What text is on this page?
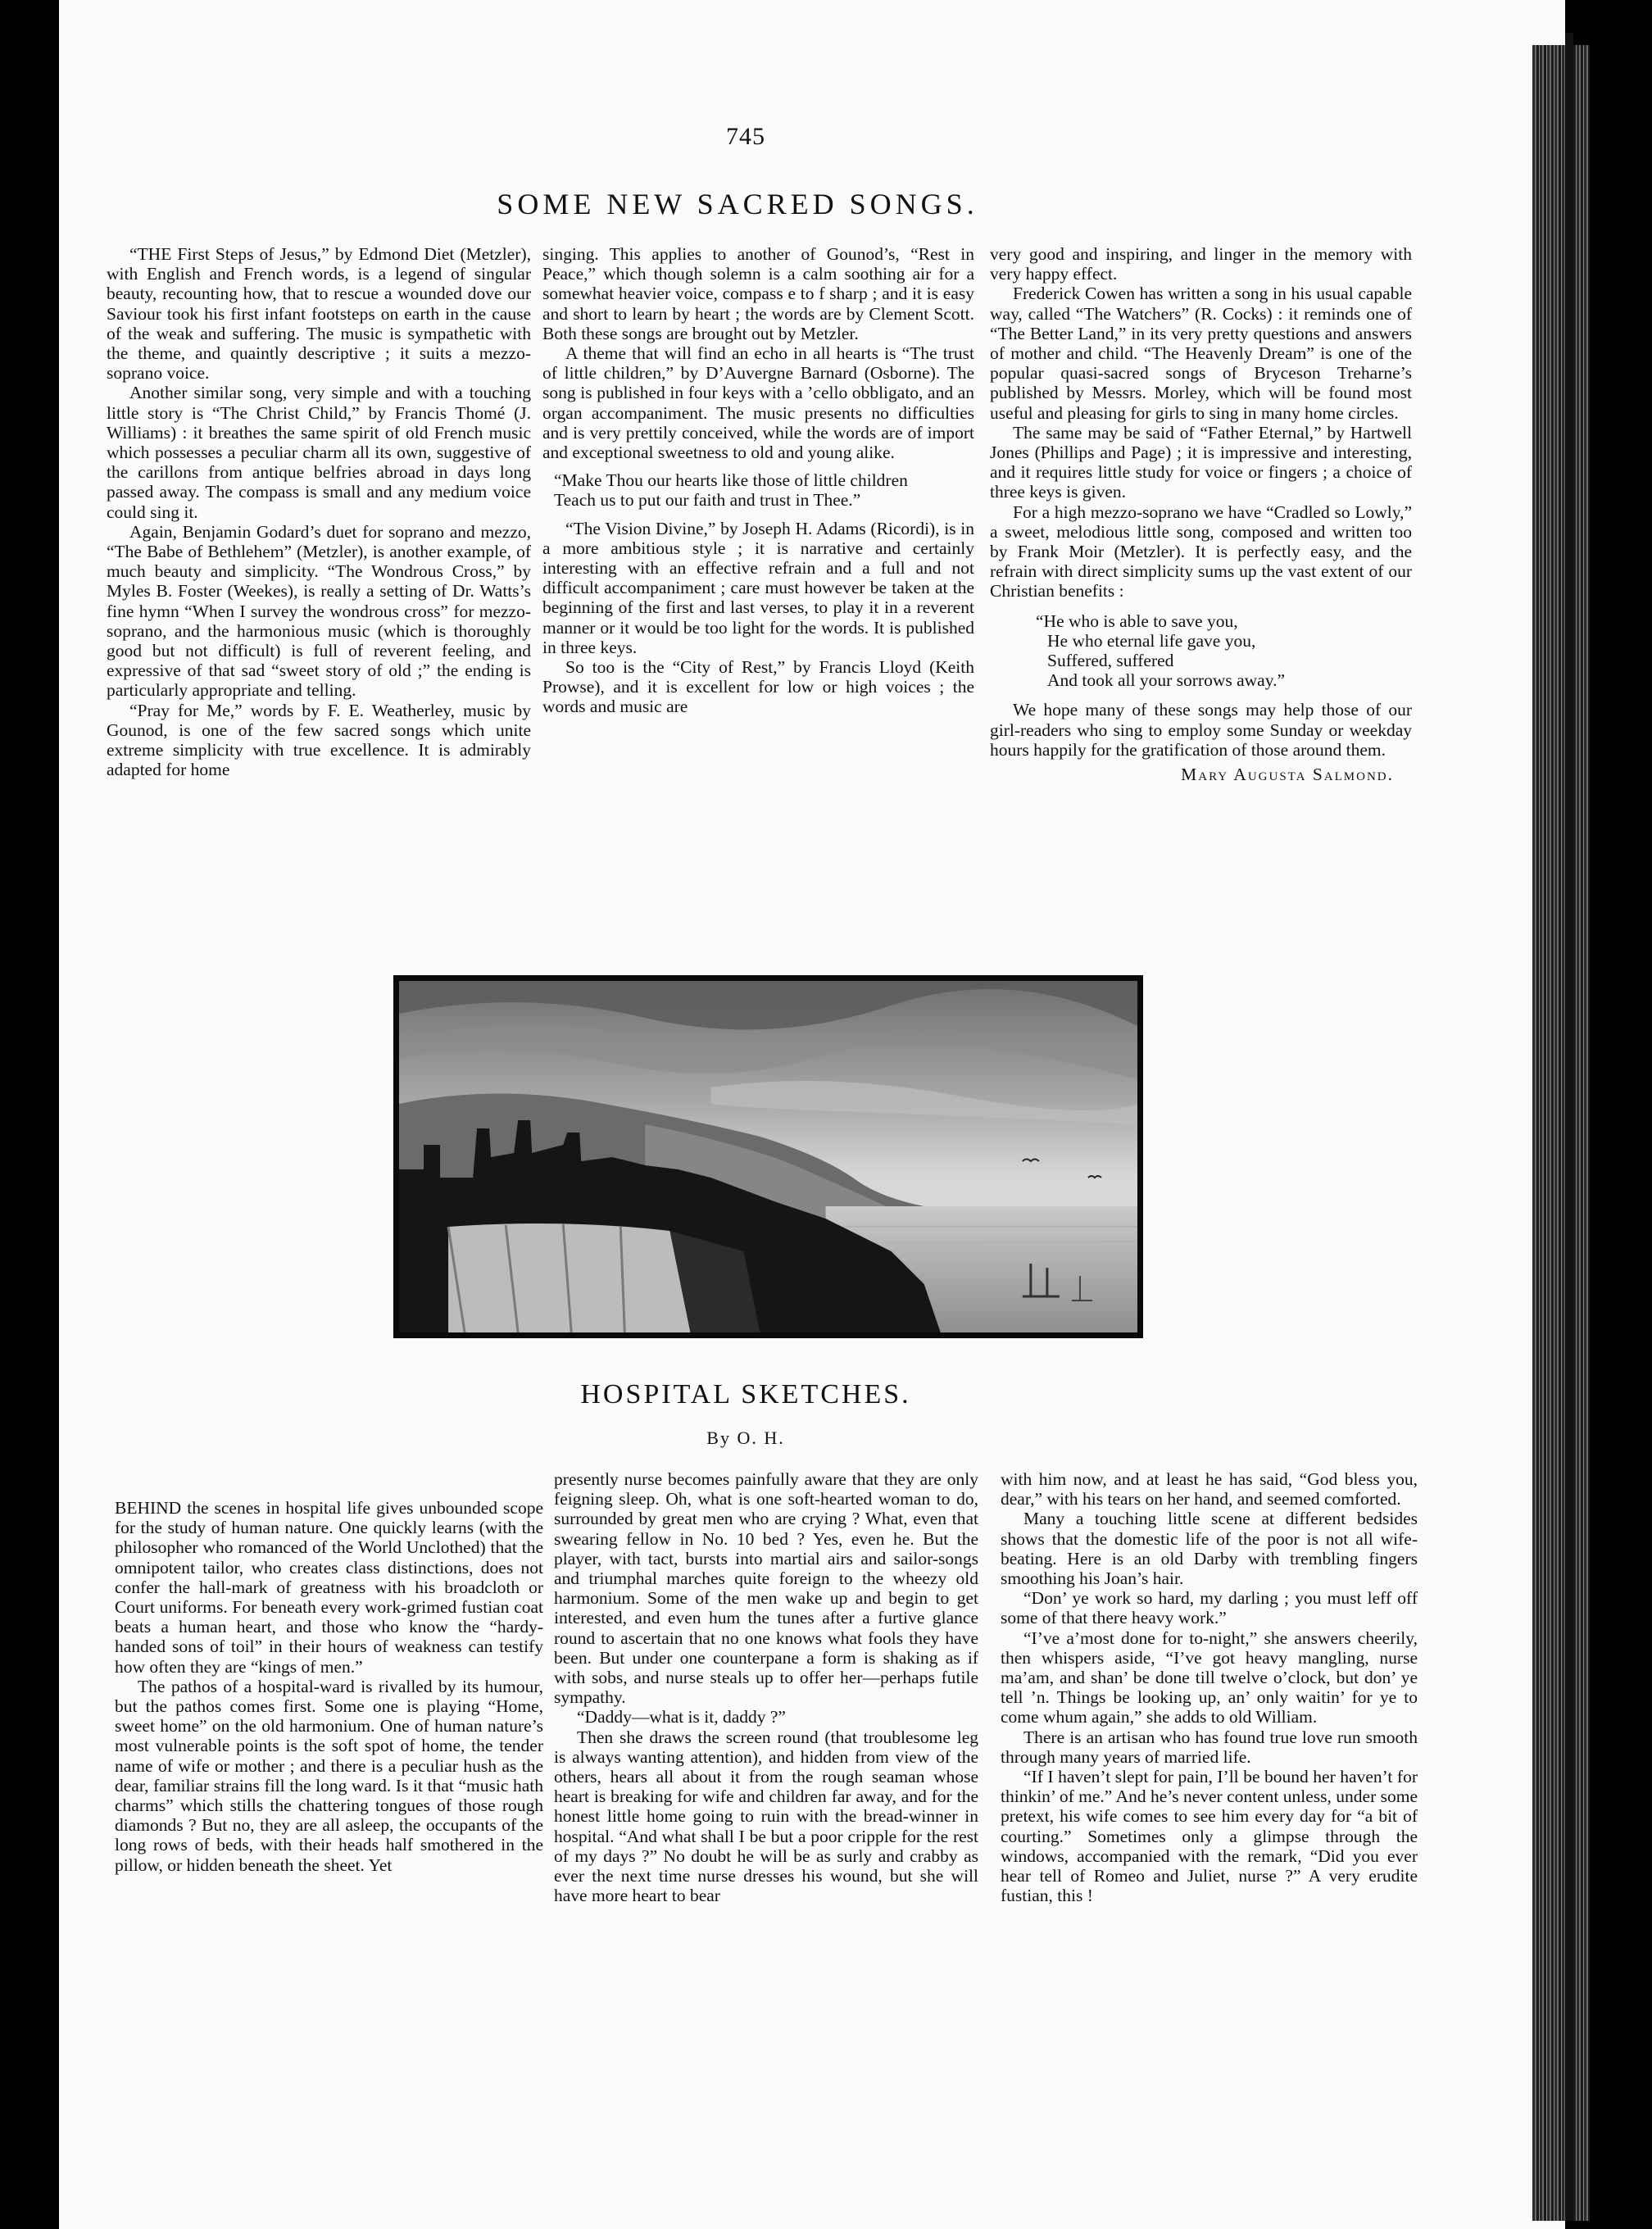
745
SOME NEW SACRED SONGS.

“THE First Steps of Jesus,” by Edmond Diet (Metzler), with English and French words, is a legend of singular beauty, recounting how, that to rescue a wounded dove our Saviour took his first infant footsteps on earth in the cause of the weak and suffering. The music is sympathetic with the theme, and quaintly descriptive ; it suits a mezzo-soprano voice.

Another similar song, very simple and with a touching little story is “The Christ Child,” by Francis Thomé (J. Williams) : it breathes the same spirit of old French music which possesses a peculiar charm all its own, suggestive of the carillons from antique belfries abroad in days long passed away. The compass is small and any medium voice could sing it.

Again, Benjamin Godard’s duet for soprano and mezzo, “The Babe of Bethlehem” (Metzler), is another example, of much beauty and simplicity. “The Wondrous Cross,” by Myles B. Foster (Weekes), is really a setting of Dr. Watts’s fine hymn “When I survey the wondrous cross” for mezzo-soprano, and the harmonious music (which is thoroughly good but not difficult) is full of reverent feeling, and expressive of that sad “sweet story of old ;” the ending is particularly appropriate and telling.

“Pray for Me,” words by F. E. Weatherley, music by Gounod, is one of the few sacred songs which unite extreme simplicity with true excellence. It is admirably adapted for home

singing. This applies to another of Gounod’s, “Rest in Peace,” which though solemn is a calm soothing air for a somewhat heavier voice, compass e to f sharp ; and it is easy and short to learn by heart ; the words are by Clement Scott. Both these songs are brought out by Metzler.

A theme that will find an echo in all hearts is “The trust of little children,” by D’Auvergne Barnard (Osborne). The song is published in four keys with a ’cello obbligato, and an organ accompaniment. The music presents no difficulties and is very prettily conceived, while the words are of import and exceptional sweetness to old and young alike.

“Make Thou our hearts like those of little children

Teach us to put our faith and trust in Thee.”

“The Vision Divine,” by Joseph H. Adams (Ricordi), is in a more ambitious style ; it is narrative and certainly interesting with an effective refrain and a full and not difficult accompaniment ; care must however be taken at the beginning of the first and last verses, to play it in a reverent manner or it would be too light for the words. It is published in three keys.

So too is the “City of Rest,” by Francis Lloyd (Keith Prowse), and it is excellent for low or high voices ; the words and music are

very good and inspiring, and linger in the memory with very happy effect.

Frederick Cowen has written a song in his usual capable way, called “The Watchers” (R. Cocks) : it reminds one of “The Better Land,” in its very pretty questions and answers of mother and child. “The Heavenly Dream” is one of the popular quasi-sacred songs of Bryceson Treharne’s published by Messrs. Morley, which will be found most useful and pleasing for girls to sing in many home circles.

The same may be said of “Father Eternal,” by Hartwell Jones (Phillips and Page) ; it is impressive and interesting, and it requires little study for voice or fingers ; a choice of three keys is given.

For a high mezzo-soprano we have “Cradled so Lowly,” a sweet, melodious little song, composed and written too by Frank Moir (Metzler). It is perfectly easy, and the refrain with direct simplicity sums up the vast extent of our Christian benefits :

“He who is able to save you,

He who eternal life gave you,

Suffered, suffered

And took all your sorrows away.”

We hope many of these songs may help those of our girl-readers who sing to employ some Sunday or weekday hours happily for the gratification of those around them.

Mary Augusta Salmond.

HOSPITAL SKETCHES.
By O. H.

BEHIND the scenes in hospital life gives unbounded scope for the study of human nature. One quickly learns (with the philosopher who romanced of the World Unclothed) that the omnipotent tailor, who creates class distinctions, does not confer the hall-mark of greatness with his broadcloth or Court uniforms. For beneath every work-grimed fustian coat beats a human heart, and those who know the “hardy-handed sons of toil” in their hours of weakness can testify how often they are “kings of men.”

The pathos of a hospital-ward is rivalled by its humour, but the pathos comes first. Some one is playing “Home, sweet home” on the old harmonium. One of human nature’s most vulnerable points is the soft spot of home, the tender name of wife or mother ; and there is a peculiar hush as the dear, familiar strains fill the long ward. Is it that “music hath charms” which stills the chattering tongues of those rough diamonds ? But no, they are all asleep, the occupants of the long rows of beds, with their heads half smothered in the pillow, or hidden beneath the sheet. Yet

presently nurse becomes painfully aware that they are only feigning sleep. Oh, what is one soft-hearted woman to do, surrounded by great men who are crying ? What, even that swearing fellow in No. 10 bed ? Yes, even he. But the player, with tact, bursts into martial airs and sailor-songs and triumphal marches quite foreign to the wheezy old harmonium. Some of the men wake up and begin to get interested, and even hum the tunes after a furtive glance round to ascertain that no one knows what fools they have been. But under one counterpane a form is shaking as if with sobs, and nurse steals up to offer her—perhaps futile sympathy.

“Daddy—what is it, daddy ?”

Then she draws the screen round (that troublesome leg is always wanting attention), and hidden from view of the others, hears all about it from the rough seaman whose heart is breaking for wife and children far away, and for the honest little home going to ruin with the bread-winner in hospital. “And what shall I be but a poor cripple for the rest of my days ?” No doubt he will be as surly and crabby as ever the next time nurse dresses his wound, but she will have more heart to bear

with him now, and at least he has said, “God bless you, dear,” with his tears on her hand, and seemed comforted.

Many a touching little scene at different bedsides shows that the domestic life of the poor is not all wife-beating. Here is an old Darby with trembling fingers smoothing his Joan’s hair.

“Don’ ye work so hard, my darling ; you must leff off some of that there heavy work.”

“I’ve a’most done for to-night,” she answers cheerily, then whispers aside, “I’ve got heavy mangling, nurse ma’am, and shan’ be done till twelve o’clock, but don’ ye tell ’n. Things be looking up, an’ only waitin’ for ye to come whum again,” she adds to old William.

There is an artisan who has found true love run smooth through many years of married life.

“If I haven’t slept for pain, I’ll be bound her haven’t for thinkin’ of me.” And he’s never content unless, under some pretext, his wife comes to see him every day for “a bit of courting.” Sometimes only a glimpse through the windows, accompanied with the remark, “Did you ever hear tell of Romeo and Juliet, nurse ?” A very erudite fustian, this !
